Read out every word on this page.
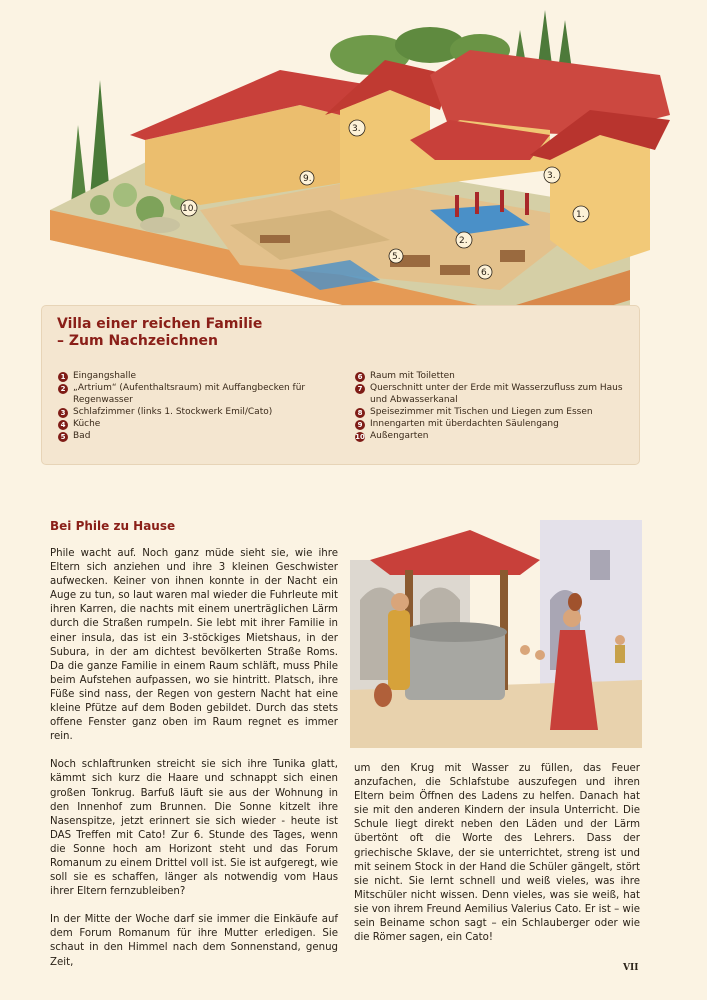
1.
2.
3.
3.
5.
6.
9.
10.
Villa einer reichen Familie
– Zum Nachzeichnen
1 Eingangshalle
2 „Artrium“ (Aufenthaltsraum) mit Auffangbecken für Regenwasser
3 Schlafzimmer (links 1. Stockwerk Emil/Cato)
4 Küche
5 Bad
6 Raum mit Toiletten
7 Querschnitt unter der Erde mit Wasserzufluss zum Haus und Abwasserkanal
8 Speisezimmer mit Tischen und Liegen zum Essen
9 Innengarten mit überdachten Säulengang
10 Außengarten
Bei Phile zu Hause

Phile wacht auf. Noch ganz müde sieht sie, wie ihre Eltern sich anziehen und ihre 3 kleinen Geschwister aufwecken. Keiner von ihnen konnte in der Nacht ein Auge zu tun, so laut waren mal wieder die Fuhrleute mit ihren Karren, die nachts mit einem unerträglichen Lärm durch die Straßen rumpeln. Sie lebt mit ihrer Familie in einer insula, das ist ein 3-stöckiges Mietshaus, in der Subura, in der am dichtest bevölkerten Straße Roms. Da die ganze Familie in einem Raum schläft, muss Phile beim Aufstehen aufpassen, wo sie hintritt. Platsch, ihre Füße sind nass, der Regen von gestern Nacht hat eine kleine Pfütze auf dem Boden gebildet. Durch das stets offene Fenster ganz oben im Raum regnet es immer rein.

Noch schlaftrunken streicht sie sich ihre Tunika glatt, kämmt sich kurz die Haare und schnappt sich einen großen Tonkrug. Barfuß läuft sie aus der Wohnung in den Innenhof zum Brunnen. Die Sonne kitzelt ihre Nasenspitze, jetzt erinnert sie sich wieder - heute ist DAS Treffen mit Cato! Zur 6. Stunde des Tages, wenn die Sonne hoch am Horizont steht und das Forum Romanum zu einem Drittel voll ist. Sie ist aufgeregt, wie soll sie es schaffen, länger als notwendig vom Haus ihrer Eltern fernzubleiben?

In der Mitte der Woche darf sie immer die Einkäufe auf dem Forum Romanum für ihre Mutter erledigen. Sie schaut in den Himmel nach dem Sonnenstand, genug Zeit,

um den Krug mit Wasser zu füllen, das Feuer anzufachen, die Schlafstube auszufegen und ihren Eltern beim Öffnen des Ladens zu helfen. Danach hat sie mit den anderen Kindern der insula Unterricht. Die Schule liegt direkt neben den Läden und der Lärm übertönt oft die Worte des Lehrers. Dass der griechische Sklave, der sie unterrichtet, streng ist und mit seinem Stock in der Hand die Schüler gängelt, stört sie nicht. Sie lernt schnell und weiß vieles, was ihre Mitschüler nicht wissen. Denn vieles, was sie weiß, hat sie von ihrem Freund Aemilius Valerius Cato. Er ist – wie sein Beiname schon sagt – ein Schlauberger oder wie die Römer sagen, ein Cato!

VII
